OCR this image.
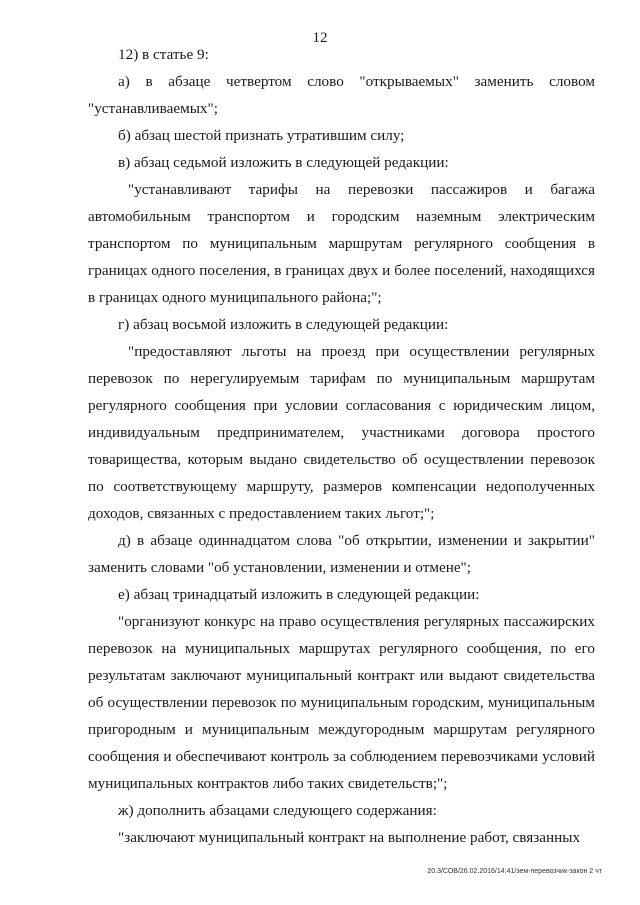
12

12) в статье 9:

а) в абзаце четвертом слово "открываемых" заменить словом "устанавливаемых";

б) абзац шестой признать утратившим силу;

в) абзац седьмой изложить в следующей редакции:

"устанавливают тарифы на перевозки пассажиров и багажа автомобильным транспортом и городским наземным электрическим транспортом по муниципальным маршрутам регулярного сообщения в границах одного поселения, в границах двух и более поселений, находящихся в границах одного муниципального района;";

г) абзац восьмой изложить в следующей редакции:

"предоставляют льготы на проезд при осуществлении регулярных перевозок по нерегулируемым тарифам по муниципальным маршрутам регулярного сообщения при условии согласования с юридическим лицом, индивидуальным предпринимателем, участниками договора простого товарищества, которым выдано свидетельство об осуществлении перевозок по соответствующему маршруту, размеров компенсации недополученных доходов, связанных с предоставлением таких льгот;";

д) в абзаце одиннадцатом слова "об открытии, изменении и закрытии" заменить словами "об установлении, изменении и отмене";

е) абзац тринадцатый изложить в следующей редакции:

"организуют конкурс на право осуществления регулярных пассажирских перевозок на муниципальных маршрутах регулярного сообщения, по его результатам заключают муниципальный контракт или выдают свидетельства об осуществлении перевозок по муниципальным городским, муниципальным пригородным и муниципальным междугородным маршрутам регулярного сообщения и обеспечивают контроль за соблюдением перевозчиками условий муниципальных контрактов либо таких свидетельств;";

ж) дополнить абзацами следующего содержания:

"заключают муниципальный контракт на выполнение работ, связанных

20.3/СОВ/26.02.2016/14:41/зем-перевозчик-закон 2 чт
